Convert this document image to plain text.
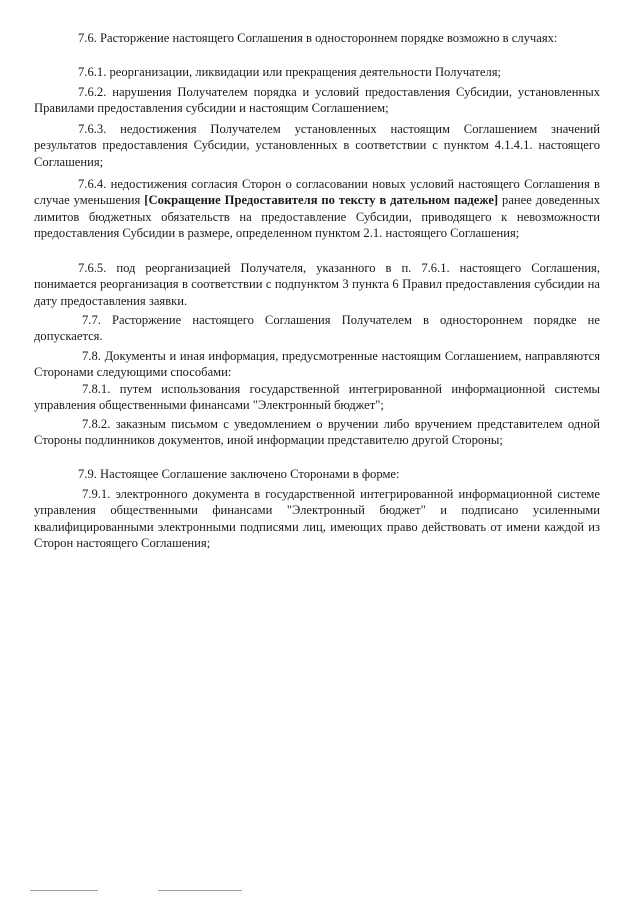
7.6. Расторжение настоящего Соглашения в одностороннем порядке возможно в случаях:
7.6.1. реорганизации, ликвидации или прекращения деятельности Получателя;
7.6.2. нарушения Получателем порядка и условий предоставления Субсидии, установленных Правилами предоставления субсидии и настоящим Соглашением;
7.6.3. недостижения Получателем установленных настоящим Соглашением значений результатов предоставления Субсидии, установленных в соответствии с пунктом 4.1.4.1. настоящего Соглашения;
7.6.4. недостижения согласия Сторон о согласовании новых условий настоящего Соглашения в случае уменьшения [Сокращение Предоставителя по тексту в дательном падеже] ранее доведенных лимитов бюджетных обязательств на предоставление Субсидии, приводящего к невозможности предоставления Субсидии в размере, определенном пунктом 2.1. настоящего Соглашения;
7.6.5. под реорганизацией Получателя, указанного в п. 7.6.1. настоящего Соглашения, понимается реорганизация в соответствии с подпунктом 3 пункта 6 Правил предоставления субсидии на дату предоставления заявки.
7.7. Расторжение настоящего Соглашения Получателем в одностороннем порядке не допускается.
7.8. Документы и иная информация, предусмотренные настоящим Соглашением, направляются Сторонами следующими способами:
7.8.1. путем использования государственной интегрированной информационной системы управления общественными финансами "Электронный бюджет";
7.8.2. заказным письмом с уведомлением о вручении либо вручением представителем одной Стороны подлинников документов, иной информации представителю другой Стороны;
7.9. Настоящее Соглашение заключено Сторонами в форме:
7.9.1. электронного документа в государственной интегрированной информационной системе управления общественными финансами "Электронный бюджет" и подписано усиленными квалифицированными электронными подписями лиц, имеющих право действовать от имени каждой из Сторон настоящего Соглашения;
